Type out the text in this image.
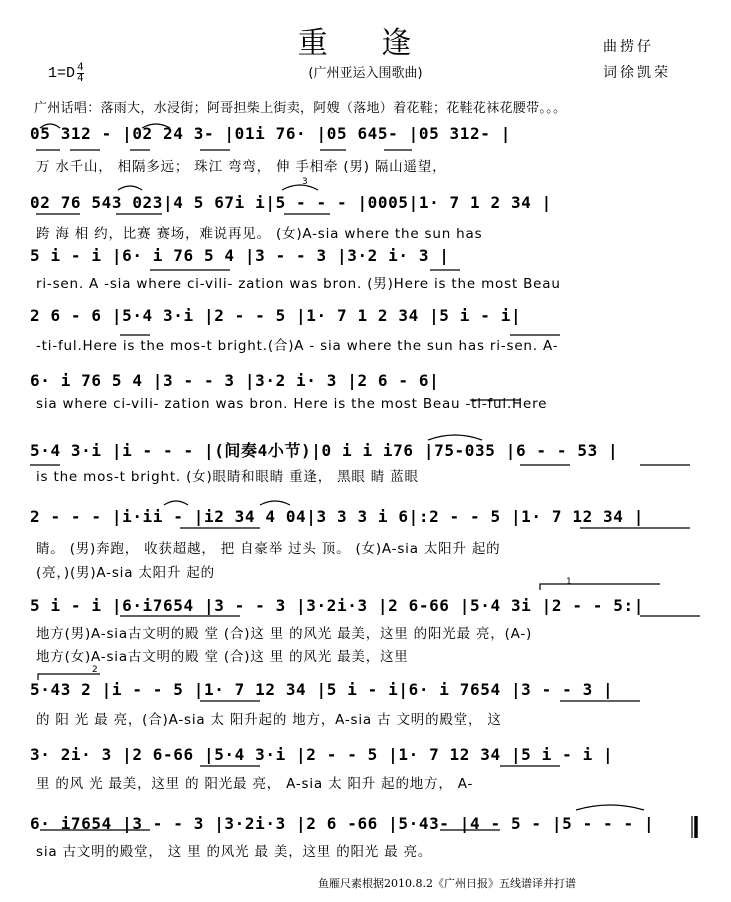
重 逢
(广州亚运入围歌曲)
$1=D \frac{4}{4}$
曲捞仔
词徐凯荣
广州话唱：落雨大，水浸街；阿哥担柴上街卖，阿嫂（落地）着花鞋；花鞋花袜花腰带。。。
05 312 - |02 24 3- |01i 76· |05 645- |05 312- |
万 水千山， 相隔多远； 珠江 弯弯， 伸 手相牵 (男) 隔山遥望，
02 76 543 023|4 5 67i i|5 - - - |0005|1· 7 1 2 34 |
跨 海 相 约，比赛 赛场，难说再见。 (女)A-sia where the sun has
5 i - i |6· i 76 5 4 |3 - - 3 |3·2 i· 3 |
ri-sen. A -sia where ci-vili- zation was bron. (男)Here is the most Beau
2 6 - 6 |5·4 3·i |2 - - 5 |1· 7 1 2 34 |5 i - i|
-ti-ful.Here is the mos-t bright.(合)A - sia where the sun has ri-sen. A-
6· i 76 5 4 |3 - - 3 |3·2 i· 3 |2 6 - 6|
sia where ci-vili- zation was bron. Here is the most Beau -ti-ful.Here
5·4 3·i |i - - - |(间奏4小节)|0 i i i76 |75-035 |6 - - 53 |
is the mos-t bright. (女)眼睛和眼睛 重逢， 黑眼 睛 蓝眼
2 - - - |i·ii - |i2 34 4 04|3 3 3 i 6|:2 - - 5 |1· 7 12 34 |
睛。 (男)奔跑， 收获超越， 把 自豪举 过头 顶。 (女)A-sia 太阳升 起的
(亮，)(男)A-sia 太阳升 起的
5 i - i |6·i7654 |3 - - 3 |3·2i·3 |2 6-66 |5·4 3i |2 - - 5:|
地方(男)A-sia古文明的殿 堂 (合)这 里 的风光 最美，这里 的阳光最 亮，(A-)
地方(女)A-sia古文明的殿 堂 (合)这 里 的风光 最美，这里
5·43 2 |i - - 5 |1· 7 12 34 |5 i - i|6· i 7654 |3 - - 3 |
的 阳 光 最 亮，(合)A-sia 太 阳升起的 地方，A-sia 古 文明的殿堂， 这
3· 2i· 3 |2 6-66 |5·4 3·i |2 - - 5 |1· 7 12 34 |5 i - i |
里 的风 光 最美，这里 的 阳光最 亮， A-sia 太 阳升 起的地方， A-
6· i7654 |3 - - 3 |3·2i·3 |2 6 -66 |5·43- |4 - 5 - |5 - - - |
sia 古文明的殿堂， 这 里 的风光 最 美，这里 的阳光 最 亮。
1
2
3
鱼雁尺素根据2010.8.2《广州日报》五线谱译并打谱
